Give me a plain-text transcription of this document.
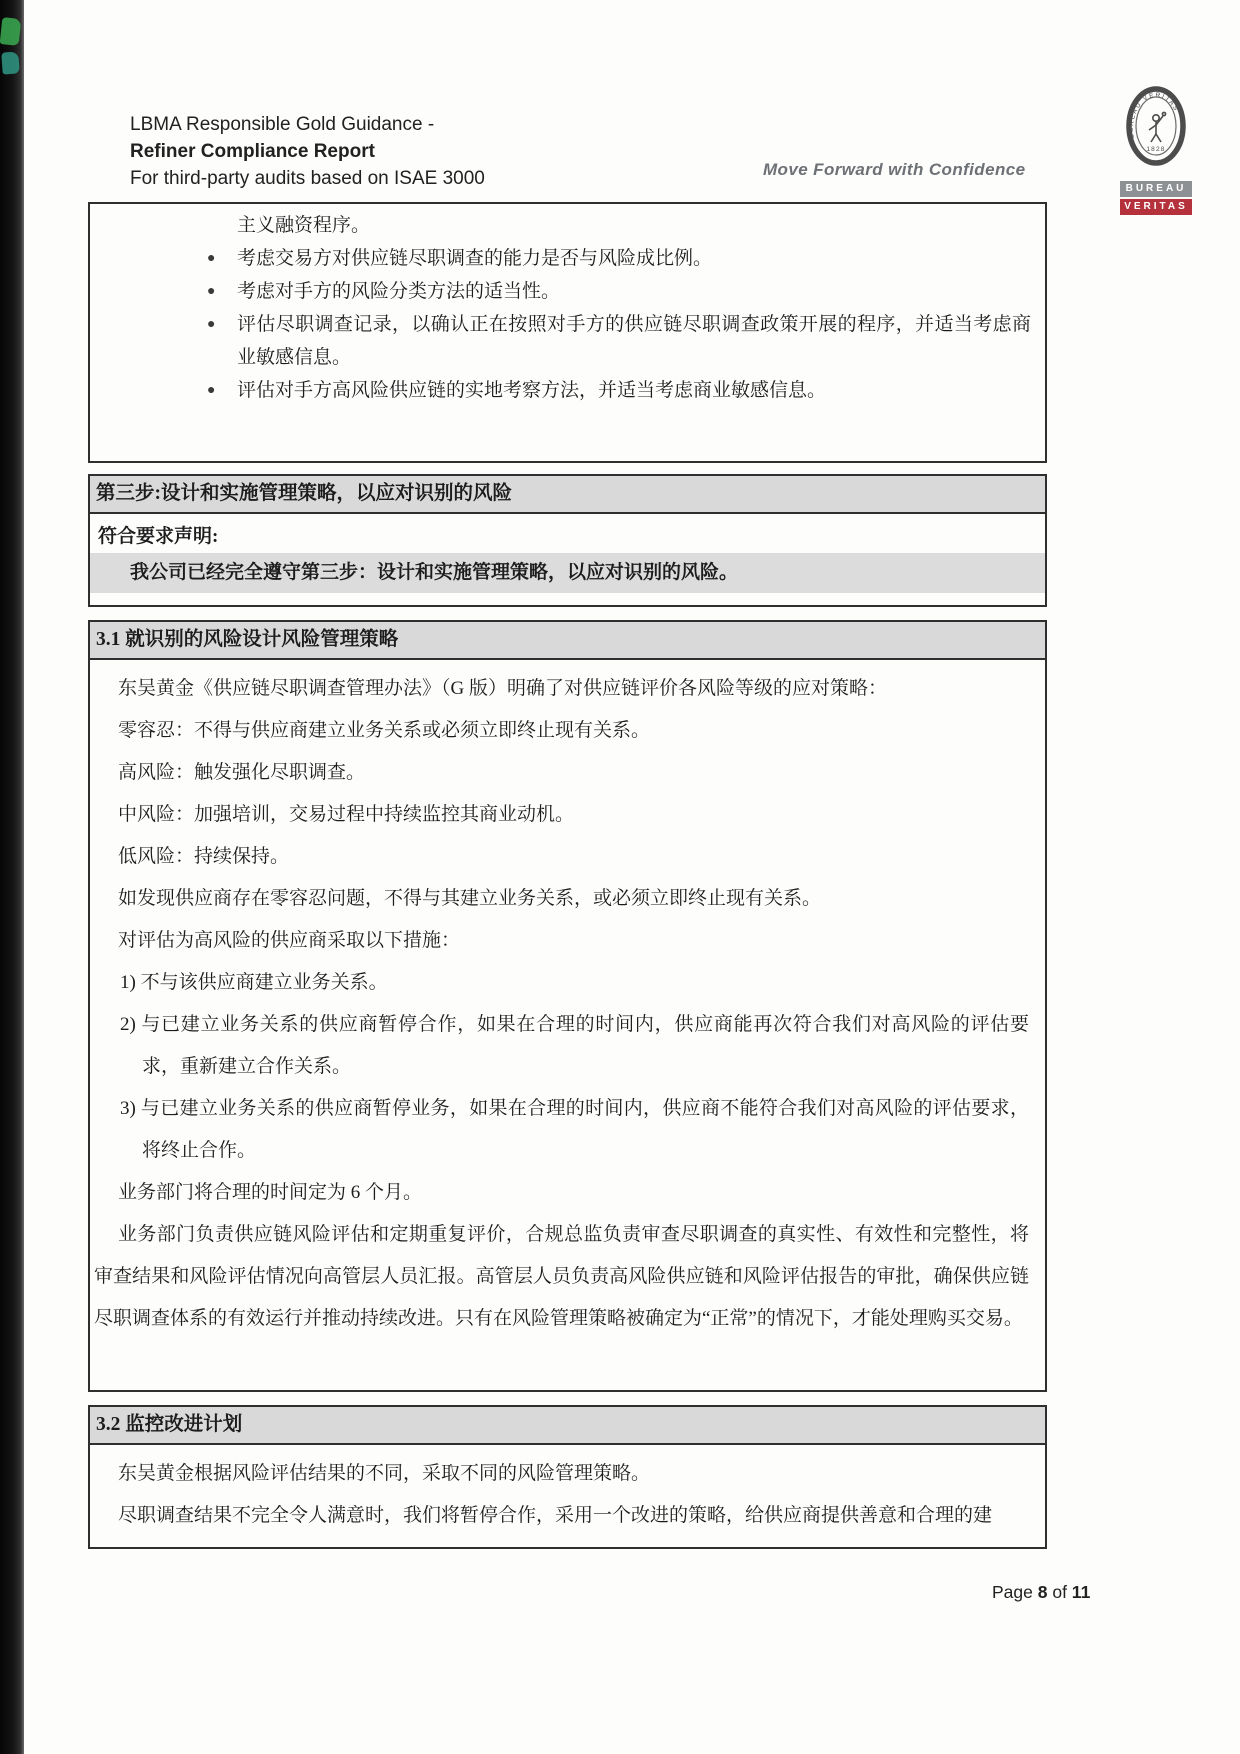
LBMA Responsible Gold Guidance -
Refiner Compliance Report
For third-party audits based on ISAE 3000	Move Forward with Confidence
BUREAU VERITAS
1828
BUREAU
VERITAS
主义融资程序。
● 考虑交易方对供应链尽职调查的能力是否与风险成比例。
● 考虑对手方的风险分类方法的适当性。
● 评估尽职调查记录，以确认正在按照对手方的供应链尽职调查政策开展的程序，并适当考虑商业敏感信息。
● 评估对手方高风险供应链的实地考察方法，并适当考虑商业敏感信息。
第三步:设计和实施管理策略，以应对识别的风险
符合要求声明:
我公司已经完全遵守第三步：设计和实施管理策略，以应对识别的风险。
3.1 就识别的风险设计风险管理策略
东吴黄金《供应链尽职调查管理办法》（G 版）明确了对供应链评价各风险等级的应对策略：
零容忍：不得与供应商建立业务关系或必须立即终止现有关系。
高风险：触发强化尽职调查。
中风险：加强培训，交易过程中持续监控其商业动机。
低风险：持续保持。
如发现供应商存在零容忍问题，不得与其建立业务关系，或必须立即终止现有关系。
对评估为高风险的供应商采取以下措施：
1) 不与该供应商建立业务关系。
2) 与已建立业务关系的供应商暂停合作，如果在合理的时间内，供应商能再次符合我们对高风险的评估要求，重新建立合作关系。
3) 与已建立业务关系的供应商暂停业务，如果在合理的时间内，供应商不能符合我们对高风险的评估要求，将终止合作。
业务部门将合理的时间定为 6 个月。
业务部门负责供应链风险评估和定期重复评价，合规总监负责审查尽职调查的真实性、有效性和完整性，将审查结果和风险评估情况向高管层人员汇报。高管层人员负责高风险供应链和风险评估报告的审批，确保供应链尽职调查体系的有效运行并推动持续改进。只有在风险管理策略被确定为“正常”的情况下，才能处理购买交易。
3.2 监控改进计划
东吴黄金根据风险评估结果的不同，采取不同的风险管理策略。
尽职调查结果不完全令人满意时，我们将暂停合作，采用一个改进的策略，给供应商提供善意和合理的建
Page 8 of 11
